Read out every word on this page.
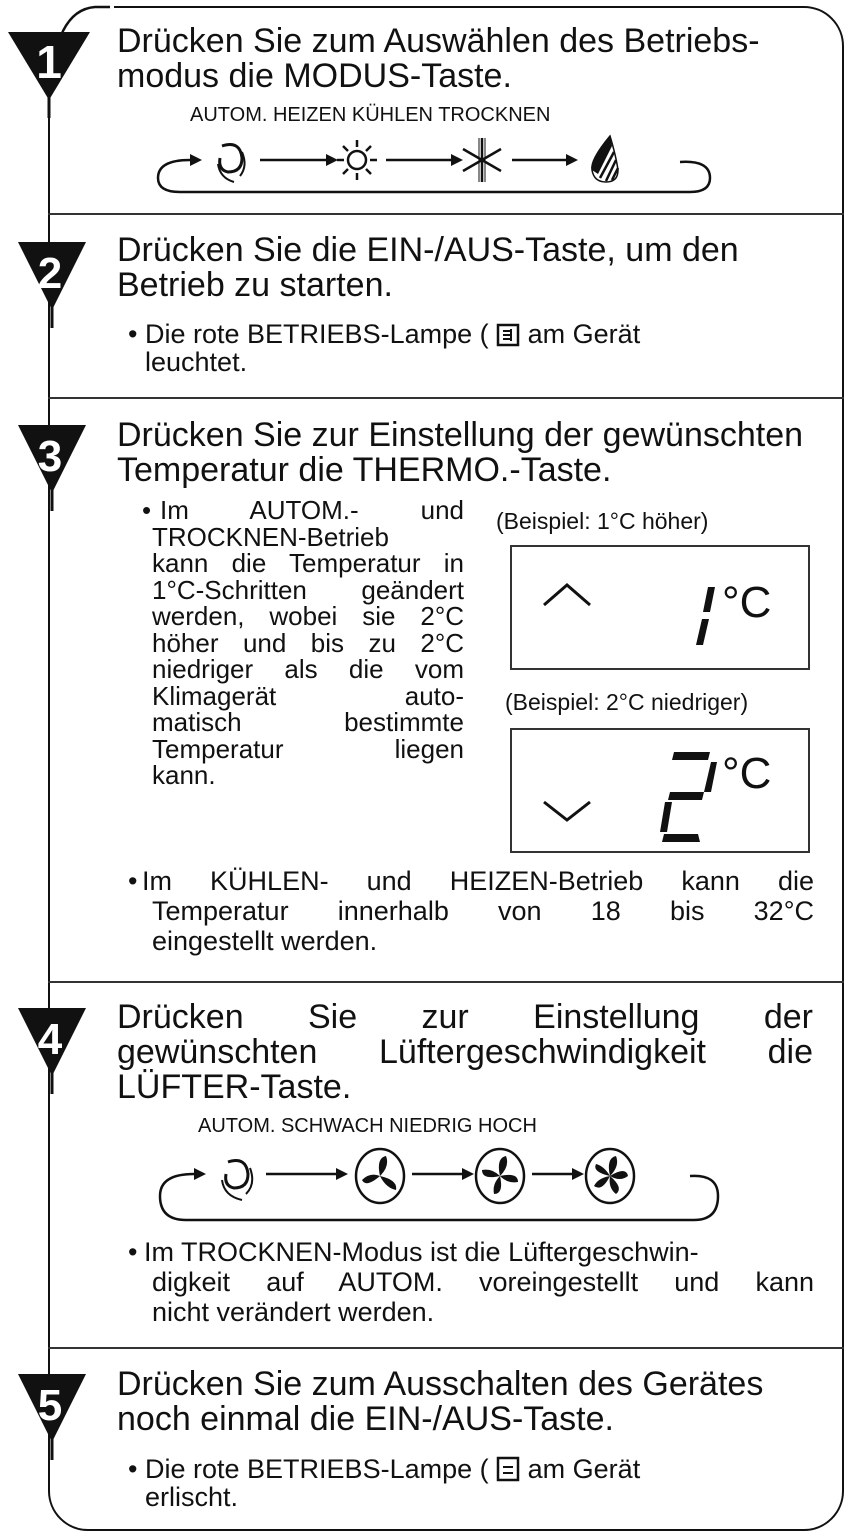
1 Drücken Sie zum Auswählen des Betriebs-
modus die MODUS-Taste.
AUTOM. HEIZEN KÜHLEN TROCKNEN
2 Drücken Sie die EIN-/AUS-Taste, um den
Betrieb zu starten.
• Die rote BETRIEBS-Lampe ( am Gerät
leuchtet.
3 Drücken Sie zur Einstellung der gewünschten
Temperatur die THERMO.-Taste.
• Im AUTOM.- und
TROCKNEN-Betrieb
kann die Temperatur in
1°C-Schritten geändert
werden, wobei sie 2°C
höher und bis zu 2°C
niedriger als die vom
Klimagerät auto-
matisch bestimmte
Temperatur liegen
kann.
(Beispiel: 1°C höher)
°C
(Beispiel: 2°C niedriger)
°C
• Im KÜHLEN- und HEIZEN-Betrieb kann die
Temperatur innerhalb von 18 bis 32°C
eingestellt werden.
4 Drücken Sie zur Einstellung der
gewünschten Lüftergeschwindigkeit die
LÜFTER-Taste.
AUTOM. SCHWACH NIEDRIG HOCH
• Im TROCKNEN-Modus ist die Lüftergeschwin-
digkeit auf AUTOM. voreingestellt und kann
nicht verändert werden.
5 Drücken Sie zum Ausschalten des Gerätes
noch einmal die EIN-/AUS-Taste.
• Die rote BETRIEBS-Lampe ( am Gerät
erlischt.
